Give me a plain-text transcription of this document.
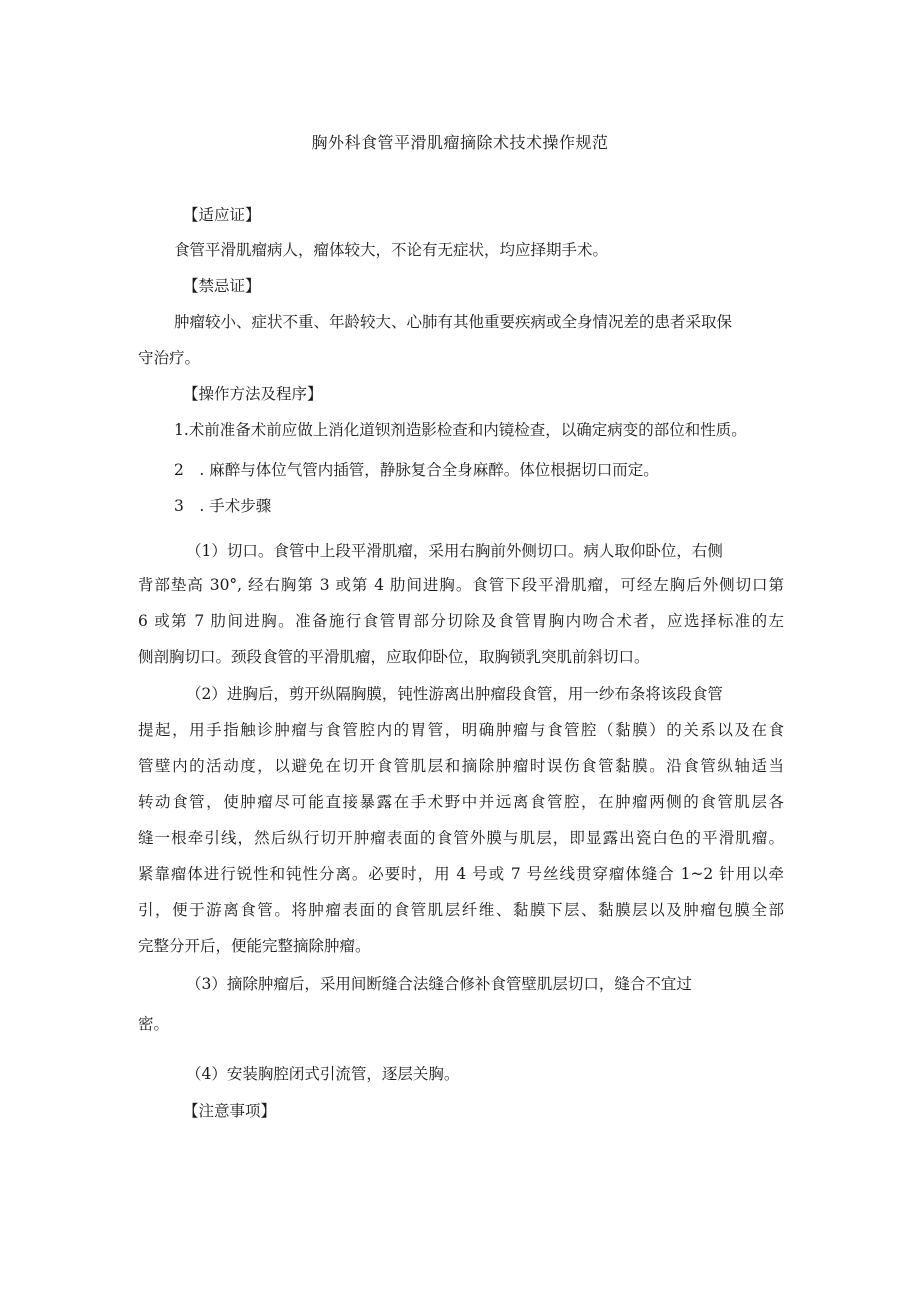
胸外科食管平滑肌瘤摘除术技术操作规范
【适应证】
食管平滑肌瘤病人，瘤体较大，不论有无症状，均应择期手术。
【禁忌证】
肿瘤较小、症状不重、年龄较大、心肺有其他重要疾病或全身情况差的患者采取保
守治疗。
【操作方法及程序】
1.术前准备术前应做上消化道钡剂造影检查和内镜检查，以确定病变的部位和性质。
2　. 麻醉与体位气管内插管，静脉复合全身麻醉。体位根据切口而定。
3　. 手术步骤
（1）切口。食管中上段平滑肌瘤，采用右胸前外侧切口。病人取仰卧位，右侧
背部垫高 30°, 经右胸第 3 或第 4 肋间进胸。食管下段平滑肌瘤，可经左胸后外侧切口第
6 或第 7 肋间进胸。准备施行食管胃部分切除及食管胃胸内吻合术者，应选择标准的左
侧剖胸切口。颈段食管的平滑肌瘤，应取仰卧位，取胸锁乳突肌前斜切口。
（2）进胸后，剪开纵隔胸膜，钝性游离出肿瘤段食管，用一纱布条将该段食管
提起，用手指触诊肿瘤与食管腔内的胃管，明确肿瘤与食管腔（黏膜）的关系以及在食
管壁内的活动度，以避免在切开食管肌层和摘除肿瘤时误伤食管黏膜。沿食管纵轴适当
转动食管，使肿瘤尽可能直接暴露在手术野中并远离食管腔，在肿瘤两侧的食管肌层各
缝一根牵引线，然后纵行切开肿瘤表面的食管外膜与肌层，即显露出瓷白色的平滑肌瘤。
紧靠瘤体进行锐性和钝性分离。必要时，用 4 号或 7 号丝线贯穿瘤体缝合 1~2 针用以牵
引，便于游离食管。将肿瘤表面的食管肌层纤维、黏膜下层、黏膜层以及肿瘤包膜全部
完整分开后，便能完整摘除肿瘤。
（3）摘除肿瘤后，采用间断缝合法缝合修补食管壁肌层切口，缝合不宜过
密。
（4）安装胸腔闭式引流管，逐层关胸。
【注意事项】
